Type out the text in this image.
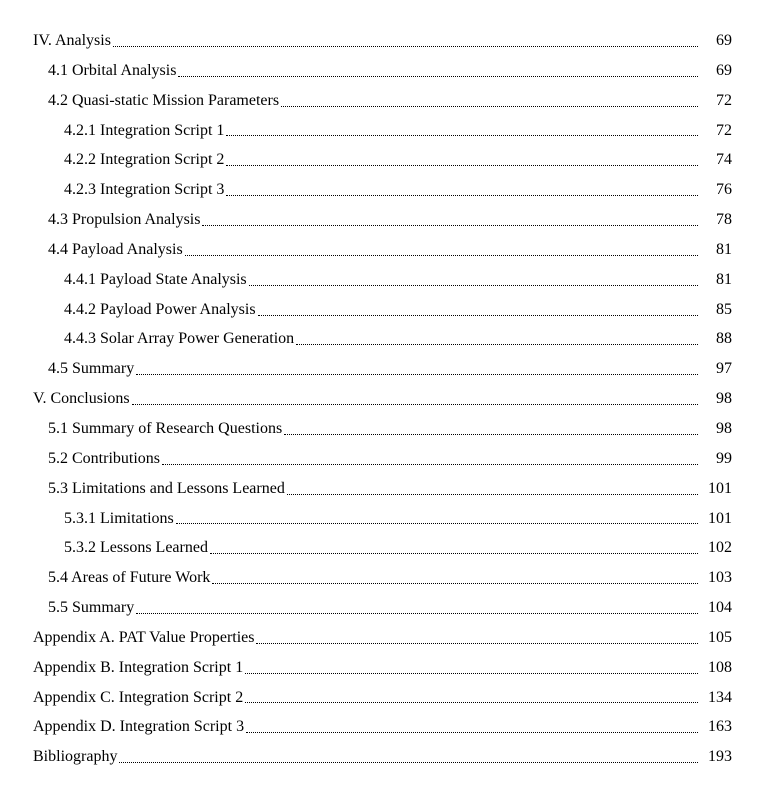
IV. Analysis	69
4.1 Orbital Analysis	69
4.2 Quasi-static Mission Parameters	72
4.2.1 Integration Script 1	72
4.2.2 Integration Script 2	74
4.2.3 Integration Script 3	76
4.3 Propulsion Analysis	78
4.4 Payload Analysis	81
4.4.1 Payload State Analysis	81
4.4.2 Payload Power Analysis	85
4.4.3 Solar Array Power Generation	88
4.5 Summary	97
V. Conclusions	98
5.1 Summary of Research Questions	98
5.2 Contributions	99
5.3 Limitations and Lessons Learned	101
5.3.1 Limitations	101
5.3.2 Lessons Learned	102
5.4 Areas of Future Work	103
5.5 Summary	104
Appendix A. PAT Value Properties	105
Appendix B. Integration Script 1	108
Appendix C. Integration Script 2	134
Appendix D. Integration Script 3	163
Bibliography	193
